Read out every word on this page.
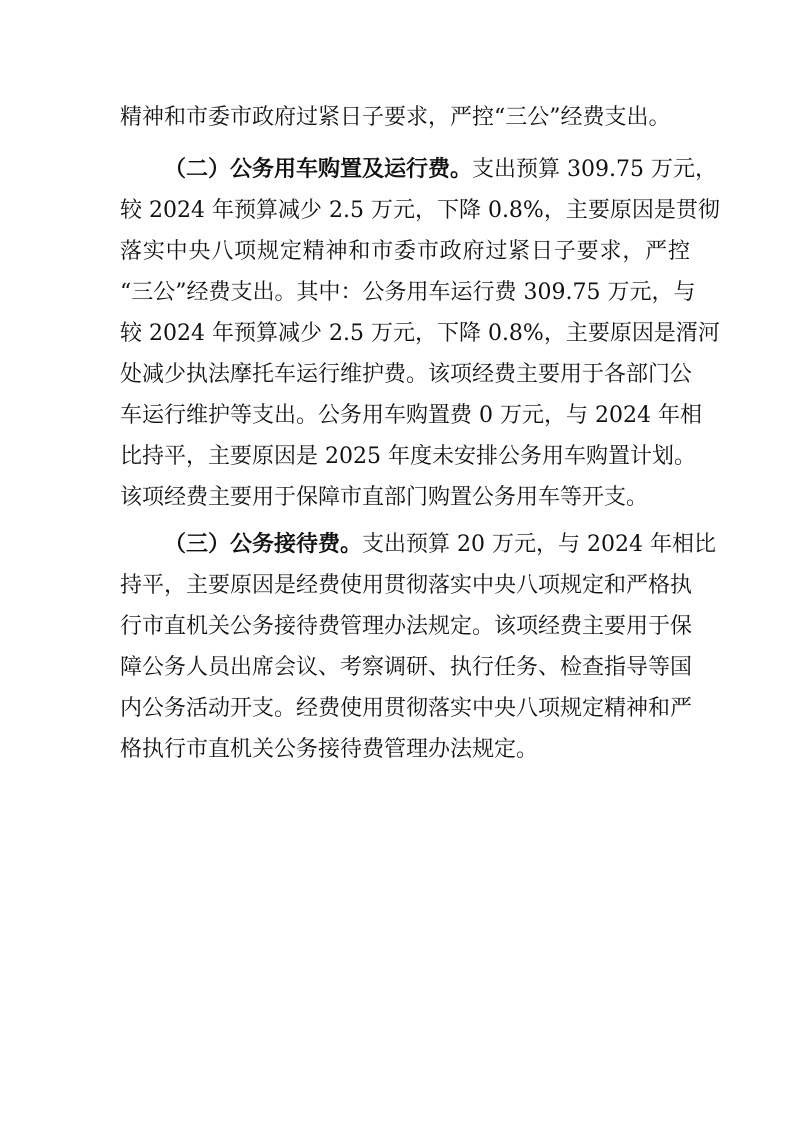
精神和市委市政府过紧日子要求，严控“三公”经费支出。
（二）公务用车购置及运行费。支出预算 309.75 万元，
较 2024 年预算减少 2.5 万元，下降 0.8%，主要原因是贯彻
落实中央八项规定精神和市委市政府过紧日子要求，严控
“三公”经费支出。其中：公务用车运行费 309.75 万元，与
较 2024 年预算减少 2.5 万元，下降 0.8%，主要原因是湑河
处减少执法摩托车运行维护费。该项经费主要用于各部门公
车运行维护等支出。公务用车购置费 0 万元，与 2024 年相
比持平，主要原因是 2025 年度未安排公务用车购置计划。
该项经费主要用于保障市直部门购置公务用车等开支。
（三）公务接待费。支出预算 20 万元，与 2024 年相比
持平，主要原因是经费使用贯彻落实中央八项规定和严格执
行市直机关公务接待费管理办法规定。该项经费主要用于保
障公务人员出席会议、考察调研、执行任务、检查指导等国
内公务活动开支。经费使用贯彻落实中央八项规定精神和严
格执行市直机关公务接待费管理办法规定。
